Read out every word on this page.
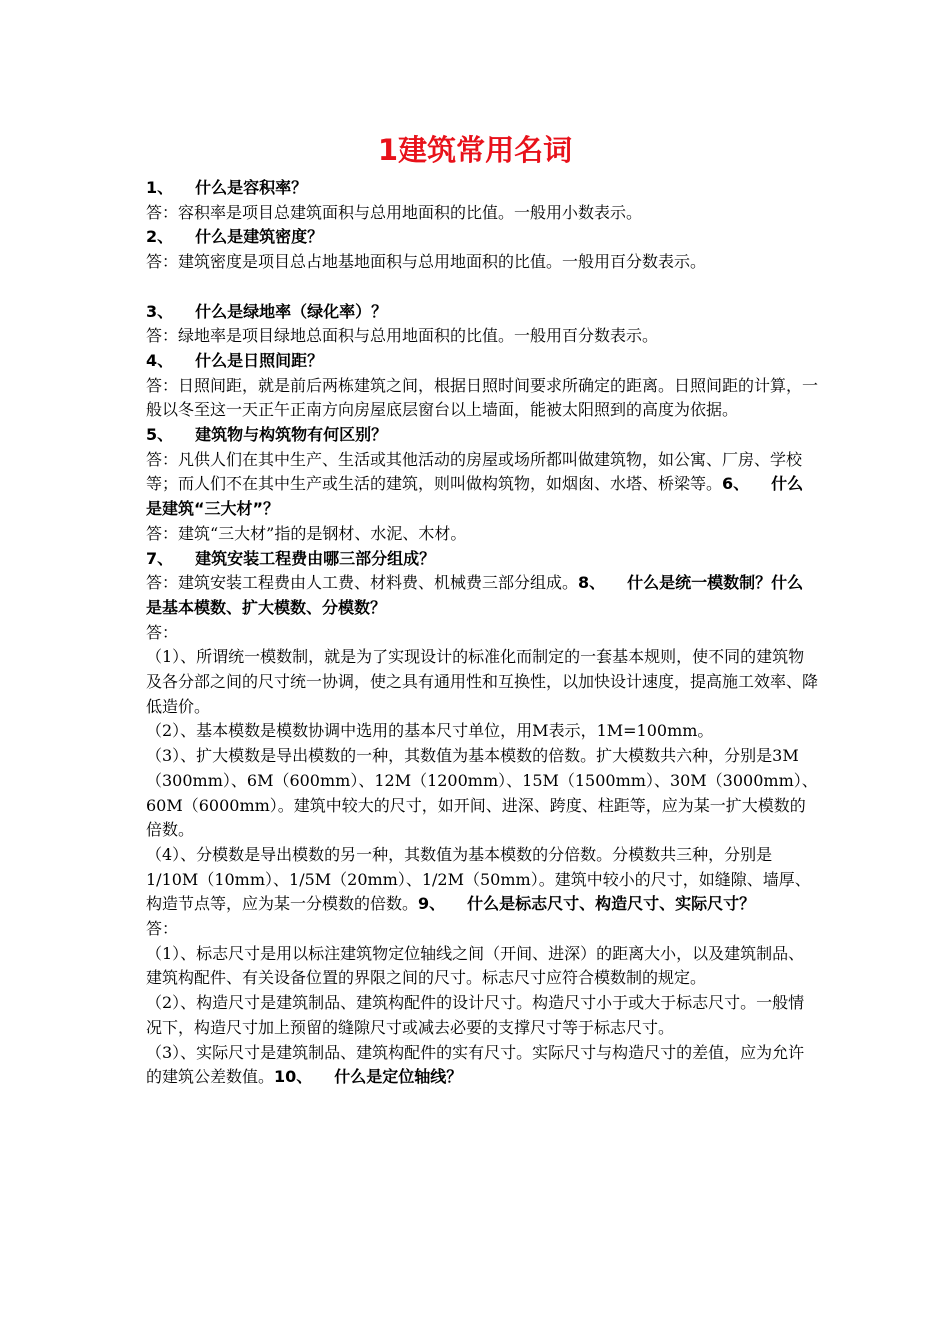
1建筑常用名词
1、 什么是容积率？
答：容积率是项目总建筑面积与总用地面积的比值。一般用小数表示。
2、 什么是建筑密度？
答：建筑密度是项目总占地基地面积与总用地面积的比值。一般用百分数表示。
3、 什么是绿地率（绿化率）？
答：绿地率是项目绿地总面积与总用地面积的比值。一般用百分数表示。
4、 什么是日照间距？
答：日照间距，就是前后两栋建筑之间，根据日照时间要求所确定的距离。日照间距的计算，一般以冬至这一天正午正南方向房屋底层窗台以上墙面，能被太阳照到的高度为依据。
5、 建筑物与构筑物有何区别？
答：凡供人们在其中生产、生活或其他活动的房屋或场所都叫做建筑物，如公寓、厂房、学校等；而人们不在其中生产或生活的建筑，则叫做构筑物，如烟囱、水塔、桥梁等。6、 什么是建筑“三大材”？
答：建筑“三大材”指的是钢材、水泥、木材。
7、 建筑安装工程费由哪三部分组成？
答：建筑安装工程费由人工费、材料费、机械费三部分组成。8、 什么是统一模数制？什么是基本模数、扩大模数、分模数？
答：
（1）、所谓统一模数制，就是为了实现设计的标准化而制定的一套基本规则，使不同的建筑物及各分部之间的尺寸统一协调，使之具有通用性和互换性，以加快设计速度，提高施工效率、降低造价。
（2）、基本模数是模数协调中选用的基本尺寸单位，用M表示，1M=100mm。
（3）、扩大模数是导出模数的一种，其数值为基本模数的倍数。扩大模数共六种，分别是3M（300mm）、6M（600mm）、12M（1200mm）、15M（1500mm）、30M（3000mm）、60M（6000mm）。建筑中较大的尺寸，如开间、进深、跨度、柱距等，应为某一扩大模数的倍数。
（4）、分模数是导出模数的另一种，其数值为基本模数的分倍数。分模数共三种，分别是1/10M（10mm）、1/5M（20mm）、1/2M（50mm）。建筑中较小的尺寸，如缝隙、墙厚、构造节点等，应为某一分模数的倍数。9、 什么是标志尺寸、构造尺寸、实际尺寸？
答：
（1）、标志尺寸是用以标注建筑物定位轴线之间（开间、进深）的距离大小，以及建筑制品、建筑构配件、有关设备位置的界限之间的尺寸。标志尺寸应符合模数制的规定。
（2）、构造尺寸是建筑制品、建筑构配件的设计尺寸。构造尺寸小于或大于标志尺寸。一般情况下，构造尺寸加上预留的缝隙尺寸或减去必要的支撑尺寸等于标志尺寸。
（3）、实际尺寸是建筑制品、建筑构配件的实有尺寸。实际尺寸与构造尺寸的差值，应为允许的建筑公差数值。10、 什么是定位轴线？
